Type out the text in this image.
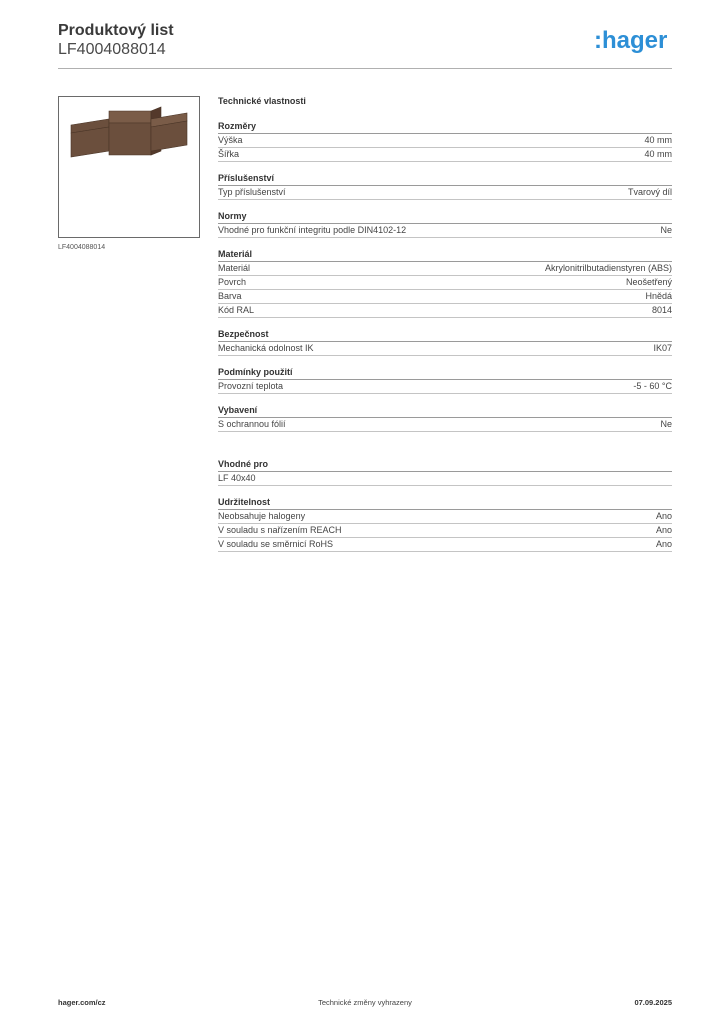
Produktový list
LF4004088014	:hager
LF4004088014
Technické vlastnosti
Rozměry
Výška	40 mm
Šířka	40 mm
Příslušenství
Typ příslušenství	Tvarový díl
Normy
Vhodné pro funkční integritu podle DIN4102-12	Ne
Materiál
Materiál	Akrylonitrilbutadienstyren (ABS)
Povrch	Neošetřený
Barva	Hnědá
Kód RAL	8014
Bezpečnost
Mechanická odolnost IK	IK07
Podmínky použití
Provozní teplota	-5 - 60 °C
Vybavení
S ochrannou fólií	Ne
Vhodné pro
LF 40x40
Udržitelnost
Neobsahuje halogeny	Ano
V souladu s nařízením REACH	Ano
V souladu se směrnicí RoHS	Ano
hager.com/cz	Technické změny vyhrazeny	07.09.2025
